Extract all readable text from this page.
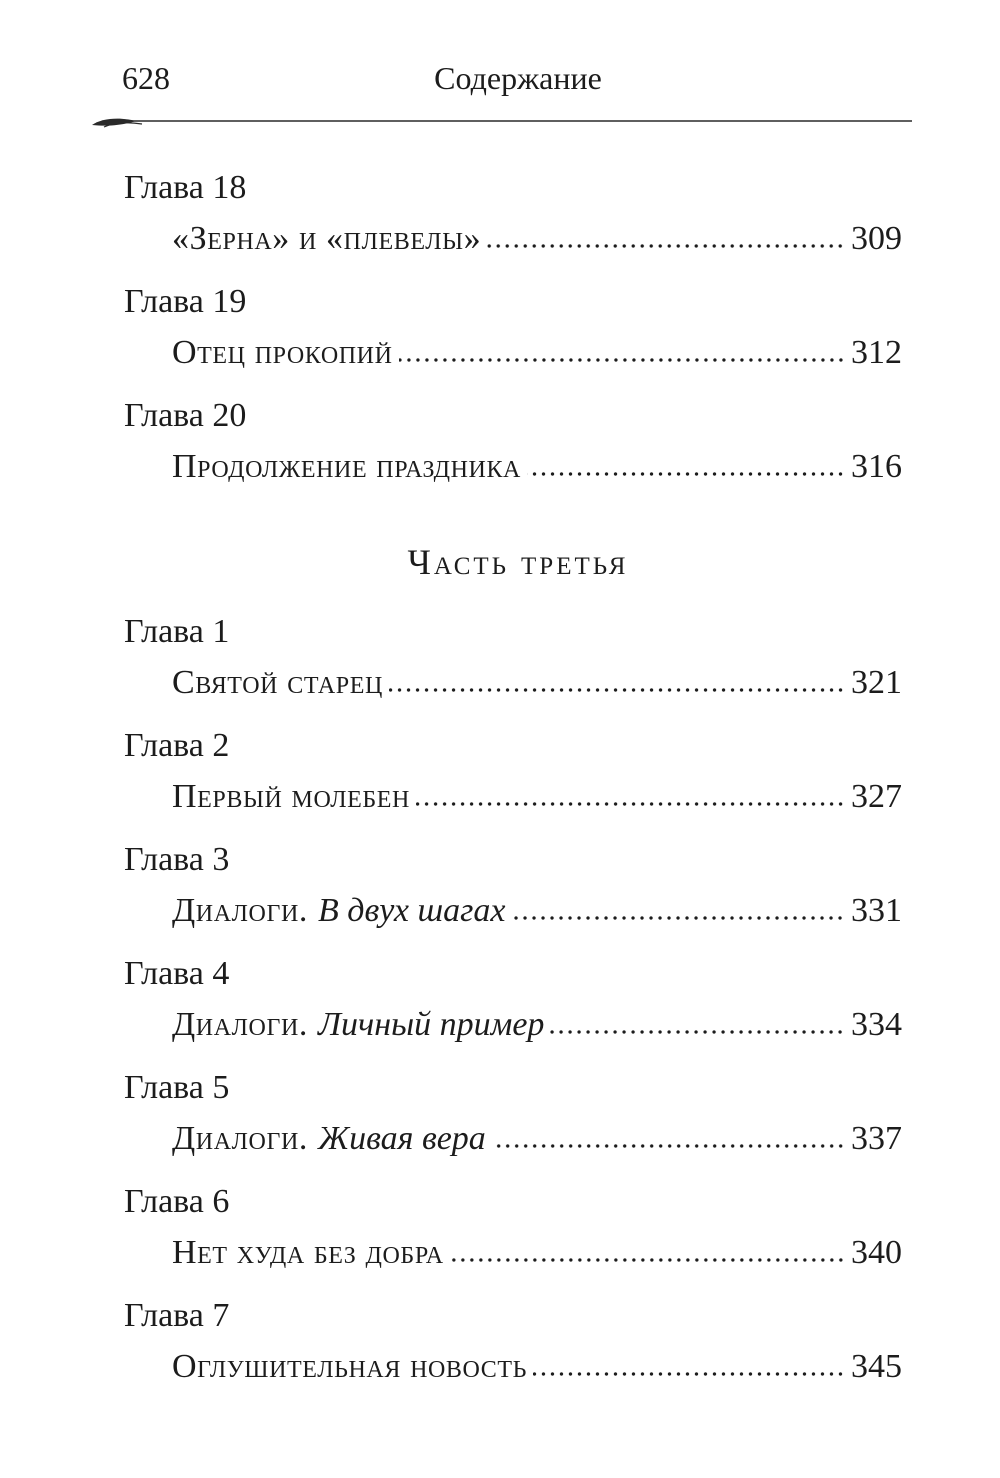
628	Содержание
Глава 18
«Зерна» и «плевелы»	309
Глава 19
Отец прокопий	312
Глава 20
Продолжение праздника	316
Часть третья
Глава 1
Святой старец	321
Глава 2
Первый молебен	327
Глава 3
Диалоги. В двух шагах	331
Глава 4
Диалоги. Личный пример	334
Глава 5
Диалоги. Живая вера	337
Глава 6
Нет худа без добра	340
Глава 7
Оглушительная новость	345
